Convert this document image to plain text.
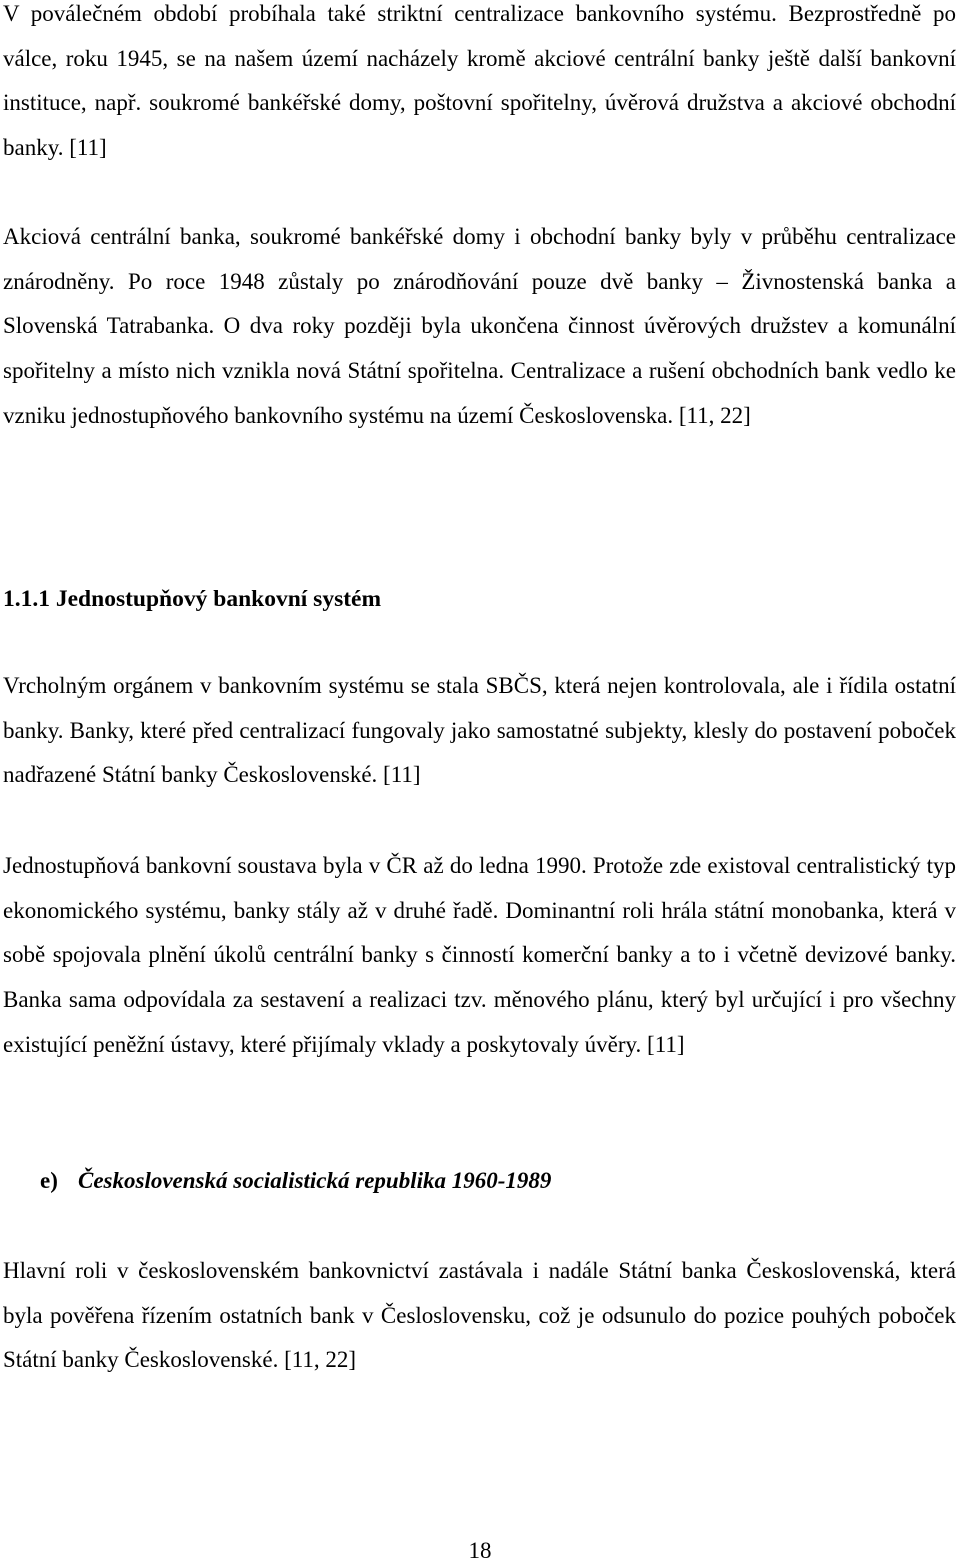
V poválečném období probíhala také striktní centralizace bankovního systému. Bezprostředně po válce, roku 1945, se na našem území nacházely kromě akciové centrální banky ještě další bankovní instituce, např. soukromé bankéřské domy, poštovní spořitelny, úvěrová družstva a akciové obchodní banky. [11]

Akciová centrální banka, soukromé bankéřské domy i obchodní banky byly v průběhu centralizace znárodněny. Po roce 1948 zůstaly po znárodňování pouze dvě banky – Živnostenská banka a Slovenská Tatrabanka. O dva roky později byla ukončena činnost úvěrových družstev a komunální spořitelny a místo nich vznikla nová Státní spořitelna. Centralizace a rušení obchodních bank vedlo ke vzniku jednostupňového bankovního systému na území Československa. [11, 22]

1.1.1 Jednostupňový bankovní systém

Vrcholným orgánem v bankovním systému se stala SBČS, která nejen kontrolovala, ale i řídila ostatní banky. Banky, které před centralizací fungovaly jako samostatné subjekty, klesly do postavení poboček nadřazené Státní banky Československé. [11]

Jednostupňová bankovní soustava byla v ČR až do ledna 1990. Protože zde existoval centralistický typ ekonomického systému, banky stály až v druhé řadě. Dominantní roli hrála státní monobanka, která v sobě spojovala plnění úkolů centrální banky s činností komerční banky a to i včetně devizové banky. Banka sama odpovídala za sestavení a realizaci tzv. měnového plánu, který byl určující i pro všechny existující peněžní ústavy, které přijímaly vklady a poskytovaly úvěry. [11]

e) Československá socialistická republika 1960-1989

Hlavní roli v československém bankovnictví zastávala i nadále Státní banka Československá, která byla pověřena řízením ostatních bank v Česloslovensku, což je odsunulo do pozice pouhých poboček Státní banky Československé. [11, 22]

18
